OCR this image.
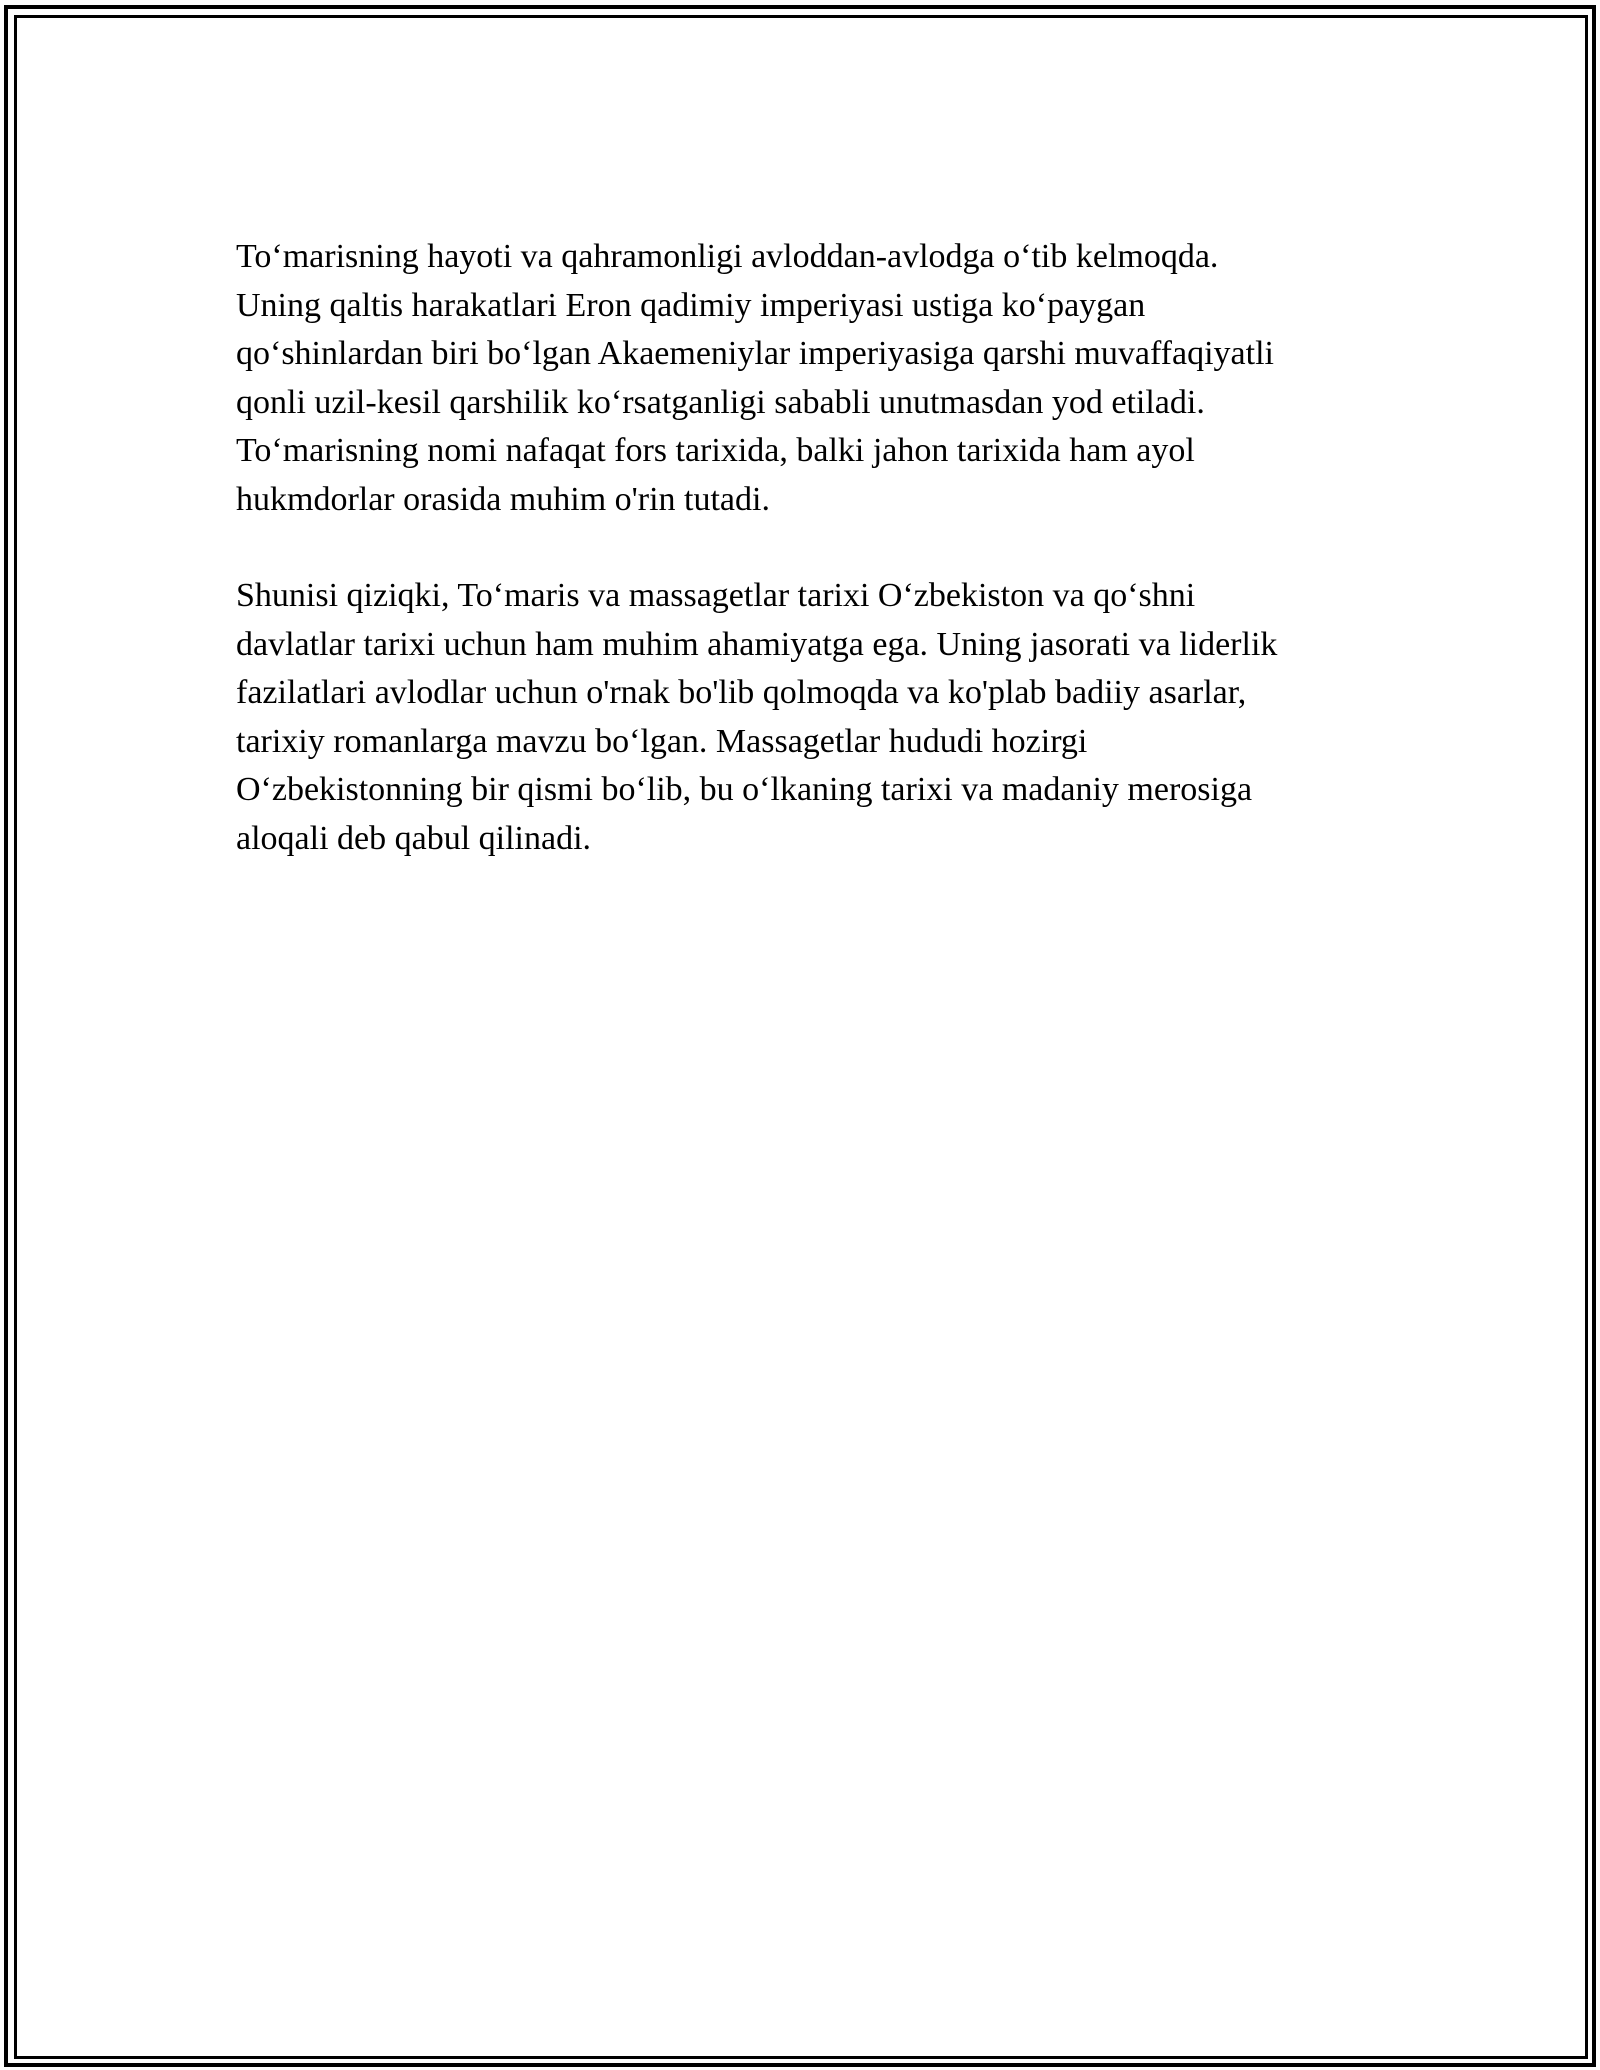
To‘marisning hayoti va qahramonligi avloddan-avlodga o‘tib kelmoqda.
Uning qaltis harakatlari Eron qadimiy imperiyasi ustiga ko‘paygan
qo‘shinlardan biri bo‘lgan Akaemeniylar imperiyasiga qarshi muvaffaqiyatli
qonli uzil-kesil qarshilik ko‘rsatganligi sababli unutmasdan yod etiladi.
To‘marisning nomi nafaqat fors tarixida, balki jahon tarixida ham ayol
hukmdorlar orasida muhim o'rin tutadi.

Shunisi qiziqki, To‘maris va massagetlar tarixi O‘zbekiston va qo‘shni
davlatlar tarixi uchun ham muhim ahamiyatga ega. Uning jasorati va liderlik
fazilatlari avlodlar uchun o'rnak bo'lib qolmoqda va ko'plab badiiy asarlar,
tarixiy romanlarga mavzu bo‘lgan. Massagetlar hududi hozirgi
O‘zbekistonning bir qismi bo‘lib, bu o‘lkaning tarixi va madaniy merosiga
aloqali deb qabul qilinadi.
